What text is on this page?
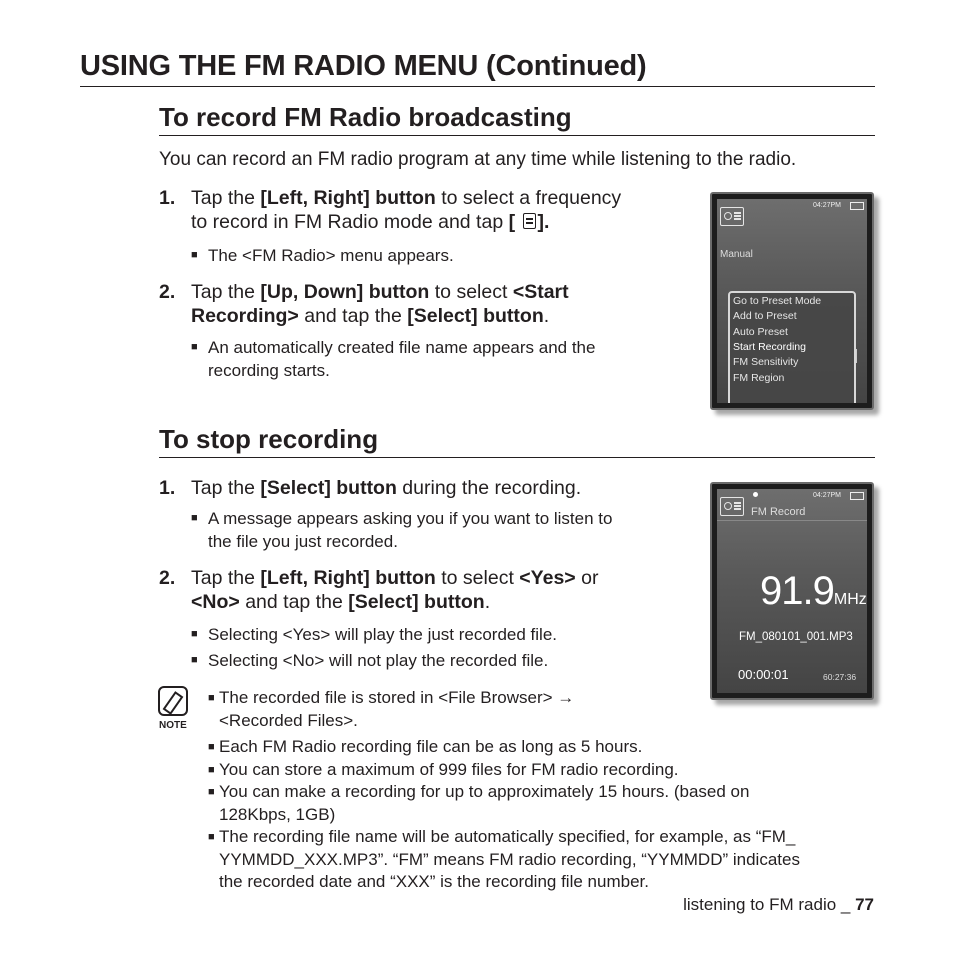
USING THE FM RADIO MENU (Continued)
To record FM Radio broadcasting
You can record an FM radio program at any time while listening to the radio.
1. Tap the [Left, Right] button to select a frequency
to record in FM Radio mode and tap [ ].
■ The <FM Radio> menu appears.
2. Tap the [Up, Down] button to select <Start
Recording> and tap the [Select] button.
■ An automatically created file name appears and the
recording starts.
04:27PM
Manual
Go to Preset Mode
Add to Preset
Auto Preset
Start Recording
FM Sensitivity
FM Region
To stop recording
1. Tap the [Select] button during the recording.
■ A message appears asking you if you want to listen to
the file you just recorded.
2. Tap the [Left, Right] button to select <Yes> or
<No> and tap the [Select] button.
■ Selecting <Yes> will play the just recorded file.
■ Selecting <No> will not play the recorded file.
04:27PM
FM Record
91.9MHz
FM_080101_001.MP3
00:00:01	60:27:36
NOTE
■ The recorded file is stored in <File Browser> →
<Recorded Files>.
■ Each FM Radio recording file can be as long as 5 hours.
■ You can store a maximum of 999 files for FM radio recording.
■ You can make a recording for up to approximately 15 hours. (based on
128Kbps, 1GB)
■ The recording file name will be automatically specified, for example, as “FM_
YYMMDD_XXX.MP3”. “FM” means FM radio recording, “YYMMDD” indicates
the recorded date and “XXX” is the recording file number.
listening to FM radio _ 77
